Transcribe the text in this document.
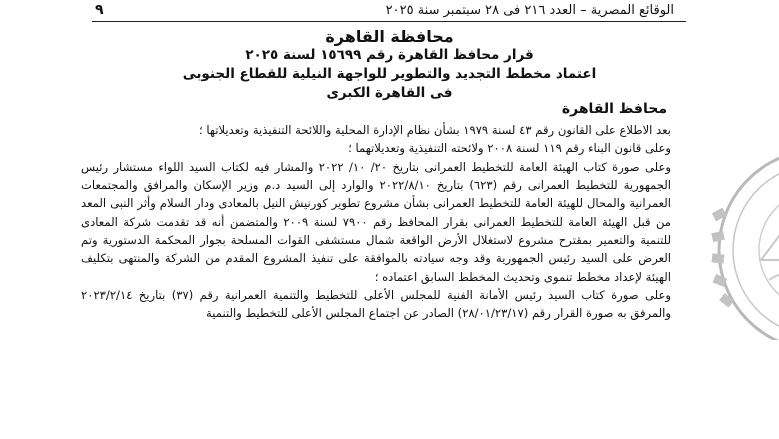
الوقائع المصرية – العدد ٢١٦ فى ٢٨ سبتمبر سنة ٢٠٢٥
٩
محافظة القاهرة
قرار محافظ القاهرة رقم ١٥٦٩٩ لسنة ٢٠٢٥
اعتماد مخطط التجديد والتطوير للواجهة النيلية للقطاع الجنوبى
فى القاهرة الكبرى
محافظ القاهرة

بعد الاطلاع على القانون رقم ٤٣ لسنة ١٩٧٩ بشأن نظام الإدارة المحلية واللائحة التنفيذية وتعديلاتها ؛

وعلى قانون البناء رقم ١١٩ لسنة ٢٠٠٨ ولائحته التنفيذية وتعديلاتهما ؛

وعلى صورة كتاب الهيئة العامة للتخطيط العمرانى بتاريخ ٢٠/ ١٠/ ٢٠٢٢ والمشار فيه لكتاب السيد اللواء مستشار رئيس الجمهورية للتخطيط العمرانى رقم (٦٢٣) بتاريخ ٢٠٢٢/٨/١٠ والوارد إلى السيد د.م وزير الإسكان والمرافق والمجتمعات العمرانية والمحال للهيئة العامة للتخطيط العمرانى بشأن مشروع تطوير كورنيش النيل بالمعادى ودار السلام وأثر النبى المعد من قبل الهيئة العامة للتخطيط العمرانى بقرار المحافظ رقم ٧٩٠٠ لسنة ٢٠٠٩ والمتضمن أنه قد تقدمت شركة المعادى للتنمية والتعمير بمقترح مشروع لاستغلال الأرض الواقعة شمال مستشفى القوات المسلحة بجوار المحكمة الدستورية وتم العرض على السيد رئيس الجمهورية وقد وجه سيادته بالموافقة على تنفيذ المشروع المقدم من الشركة والمنتهى بتكليف الهيئة لإعداد مخطط تنموى وتحديث المخطط السابق اعتماده ؛

وعلى صورة كتاب السيد رئيس الأمانة الفنية للمجلس الأعلى للتخطيط والتنمية العمرانية رقم (٣٧) بتاريخ ٢٠٢٣/٢/١٤ والمرفق به صورة القرار رقم (٢٨/٠١/٢٣/١٧) الصادر عن اجتماع المجلس الأعلى للتخطيط والتنمية
